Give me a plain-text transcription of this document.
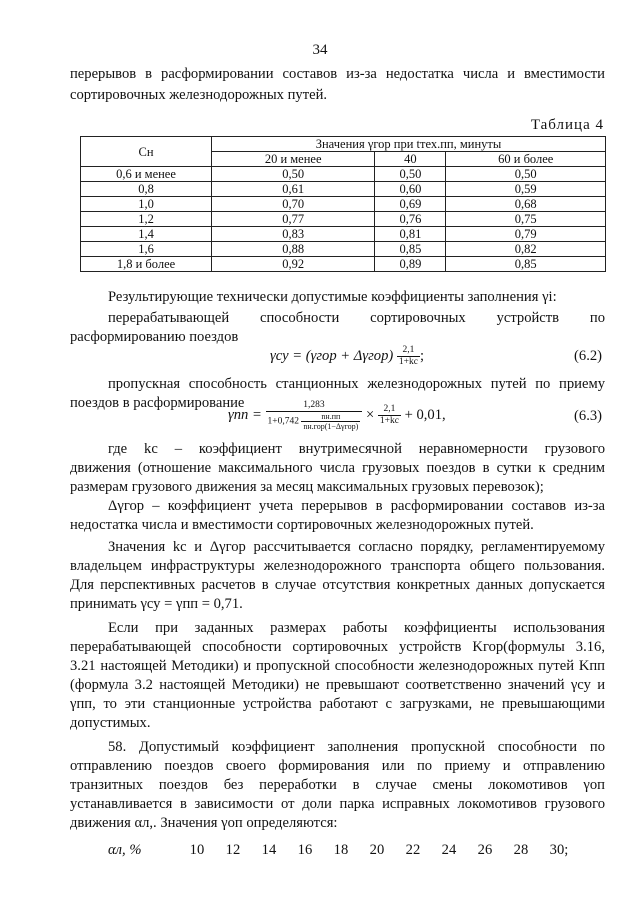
34
перерывов в расформировании составов из-за недостатка числа и вместимости
сортировочных железнодорожных путей.
Таблица 4
Cн	Значения γгор при tтех.пп, минуты		
	20 и менее	40	60 и более
0,6 и менее	0,50	0,50	0,50
0,8	0,61	0,60	0,59
1,0	0,70	0,69	0,68
1,2	0,77	0,76	0,75
1,4	0,83	0,81	0,79
1,6	0,88	0,85	0,82
1,8 и более	0,92	0,89	0,85
Результирующие технически допустимые коэффициенты заполнения γi:
перерабатывающей способности сортировочных устройств по
расформированию поездов
$\gamma су = (\gamma гор + \Delta\gamma гор) \frac{2,1}{1+kc}$ ;	(6.2)
пропускная способность станционных железнодорожных путей по приему
поездов в расформирование
$\gamma пп = \frac{1,283}{1+0,742 \frac{nн.пп}{\text{nн.гор(1−Δγгор)}}} \times \frac{2,1}{1+kc} + 0,01$,	(6.3)
где kc – коэффициент внутримесячной неравномерности грузового
движения (отношение максимального числа грузовых поездов в сутки к средним
размерам грузового движения за месяц максимальных грузовых перевозок);
Δγгор – коэффициент учета перерывов в расформировании составов из-за
недостатка числа и вместимости сортировочных железнодорожных путей.
Значения kc и Δγгор рассчитывается согласно порядку, регламентируемому
владельцем инфраструктуры железнодорожного транспорта общего пользования.
Для перспективных расчетов в случае отсутствия конкретных данных допускается
принимать γсу = γпп = 0,71.
Если при заданных размерах работы коэффициенты использования
перерабатывающей способности сортировочных устройств Kгор(формулы 3.16,
3.21 настоящей Методики) и пропускной способности железнодорожных путей Kпп
(формула 3.2 настоящей Методики) не превышают соответственно значений γсу и
γпп, то эти станционные устройства работают с загрузками, не превышающими
допустимых.
58. Допустимый коэффициент заполнения пропускной способности по
отправлению поездов своего формирования или по приему и отправлению
транзитных поездов без переработки в случае смены локомотивов γоп
устанавливается в зависимости от доли парка исправных локомотивов грузового
движения αл,. Значения γоп определяются:
αл, %	10 12 14 16 18 20 22 24 26 28 30;
